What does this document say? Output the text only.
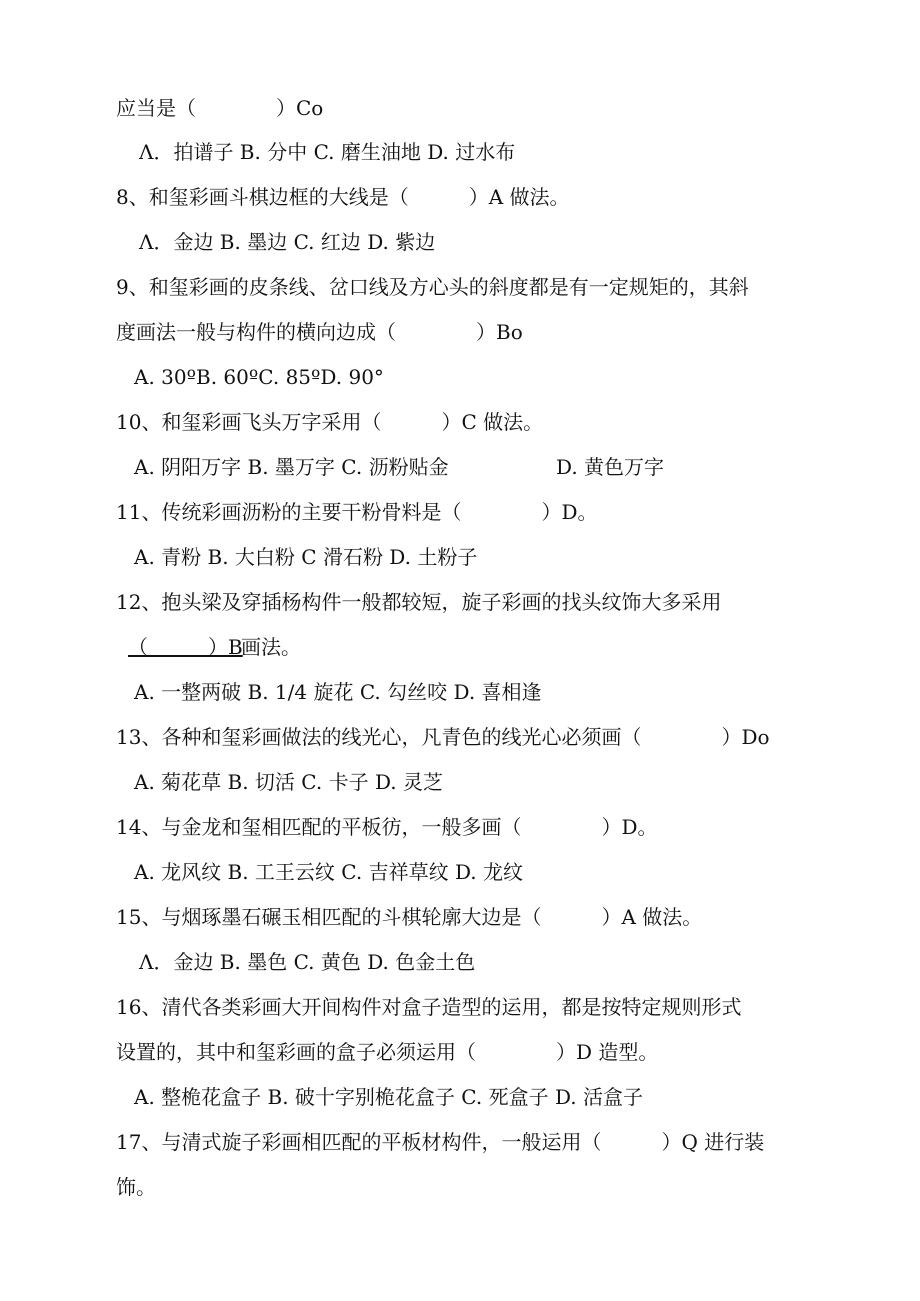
应当是（　　　　）Co
Λ．拍谱子 B. 分中 C. 磨生油地 D. 过水布
8、和玺彩画斗棋边框的大线是（　　　）A 做法。
Λ．金边 B. 墨边 C. 红边 D. 紫边
9、和玺彩画的皮条线、岔口线及方心头的斜度都是有一定规矩的，其斜
度画法一般与构件的横向边成（　　　　）Bo
A. 30ºB. 60ºC. 85ºD. 90°
10、和玺彩画飞头万字采用（　　　）C 做法。
A. 阴阳万字 B. 墨万字 C. 沥粉贴金	D. 黄色万字
11、传统彩画沥粉的主要干粉骨料是（　　　　）D。
A. 青粉 B. 大白粉 C 滑石粉 D. 土粉子
12、抱头梁及穿插杨构件一般都较短，旋子彩画的找头纹饰大多采用
（　　　）B
画法。
A. 一整两破 B. 1/4 旋花 C. 勾丝咬 D. 喜相逢
13、各种和玺彩画做法的线光心，凡青色的线光心必须画（　　　　）Do
A. 菊花草 B. 切活 C. 卡子 D. 灵芝
14、与金龙和玺相匹配的平板彷，一般多画（　　　　）D。
A. 龙风纹 B. 工王云纹 C. 吉祥草纹 D. 龙纹
15、与烟琢墨石碾玉相匹配的斗棋轮廓大边是（　　　）A 做法。
Λ．金边 B. 墨色 C. 黄色 D. 色金土色
16、清代各类彩画大开间构件对盒子造型的运用，都是按特定规则形式
设置的，其中和玺彩画的盒子必须运用（　　　　）D 造型。
A. 整桅花盒子 B. 破十字别桅花盒子 C. 死盒子 D. 活盒子
17、与清式旋子彩画相匹配的平板材构件，一般运用（　　　）Q 进行装
饰。
